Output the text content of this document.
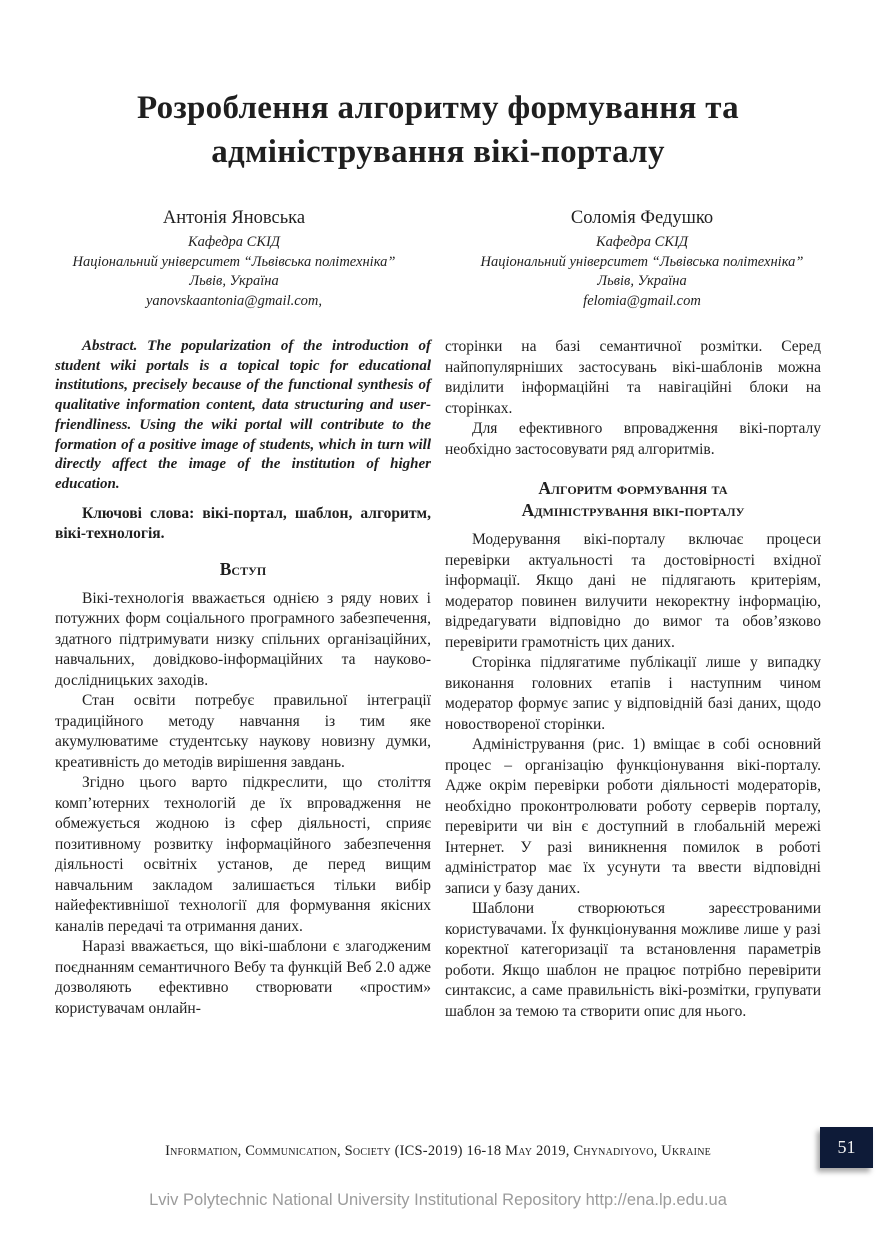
Розроблення алгоритму формування та адміністрування вікі-порталу
Антонія Яновська
Кафедра СКІД
Національний університет “Львівська політехніка”
Львів, Україна
yanovskaantonia@gmail.com,
Соломія Федушко
Кафедра СКІД
Національний університет “Львівська політехніка”
Львів, Україна
felomia@gmail.com

Abstract. The popularization of the introduction of student wiki portals is a topical topic for educational institutions, precisely because of the functional synthesis of qualitative information content, data structuring and user-friendliness. Using the wiki portal will contribute to the formation of a positive image of students, which in turn will directly affect the image of the institution of higher education.

Ключові слова: вікі-портал, шаблон, алгоритм, вікі-технологія.

Вступ

Вікі-технологія вважається однією з ряду нових і потужних форм соціального програмного забезпечення, здатного підтримувати низку спільних організаційних, навчальних, довідково-інформаційних та науково-дослідницьких заходів.

Стан освіти потребує правильної інтеграції традиційного методу навчання із тим яке акумулюватиме студентську наукову новизну думки, креативність до методів вирішення завдань.

Згідно цього варто підкреслити, що століття комп’ютерних технологій де їх впровадження не обмежується жодною із сфер діяльності, сприяє позитивному розвитку інформаційного забезпечення діяльності освітніх установ, де перед вищим навчальним закладом залишається тільки вибір найефективнішої технології для формування якісних каналів передачі та отримання даних.

Наразі вважається, що вікі-шаблони є злагодженим поєднанням семантичного Вебу та функцій Веб 2.0 адже дозволяють ефективно створювати «простим» користувачам онлайн-

сторінки на базі семантичної розмітки. Серед найпопулярніших застосувань вікі-шаблонів можна виділити інформаційні та навігаційні блоки на сторінках.

Для ефективного впровадження вікі-порталу необхідно застосовувати ряд алгоритмів.

Алгоритм формування та Адміністрування вікі-порталу

Модерування вікі-порталу включає процеси перевірки актуальності та достовірності вхідної інформації. Якщо дані не підлягають критеріям, модератор повинен вилучити некоректну інформацію, відредагувати відповідно до вимог та обов’язково перевірити грамотність цих даних.

Сторінка підлягатиме публікації лише у випадку виконання головних етапів і наступним чином модератор формує запис у відповідній базі даних, щодо новоствореної сторінки.

Адміністрування (рис. 1) вміщає в собі основний процес – організацію функціонування вікі-порталу. Адже окрім перевірки роботи діяльності модераторів, необхідно проконтролювати роботу серверів порталу, перевірити чи він є доступний в глобальній мережі Інтернет. У разі виникнення помилок в роботі адміністратор має їх усунути та ввести відповідні записи у базу даних.

Шаблони створюються зареєстрованими користувачами. Їх функціонування можливе лише у разі коректної категоризації та встановлення параметрів роботи. Якщо шаблон не працює потрібно перевірити синтаксис, а саме правильність вікі-розмітки, групувати шаблон за темою та створити опис для нього.

Information, Communication, Society (ICS-2019) 16-18 May 2019, Chynadiyovo, Ukraine	51
Lviv Polytechnic National University Institutional Repository http://ena.lp.edu.ua
